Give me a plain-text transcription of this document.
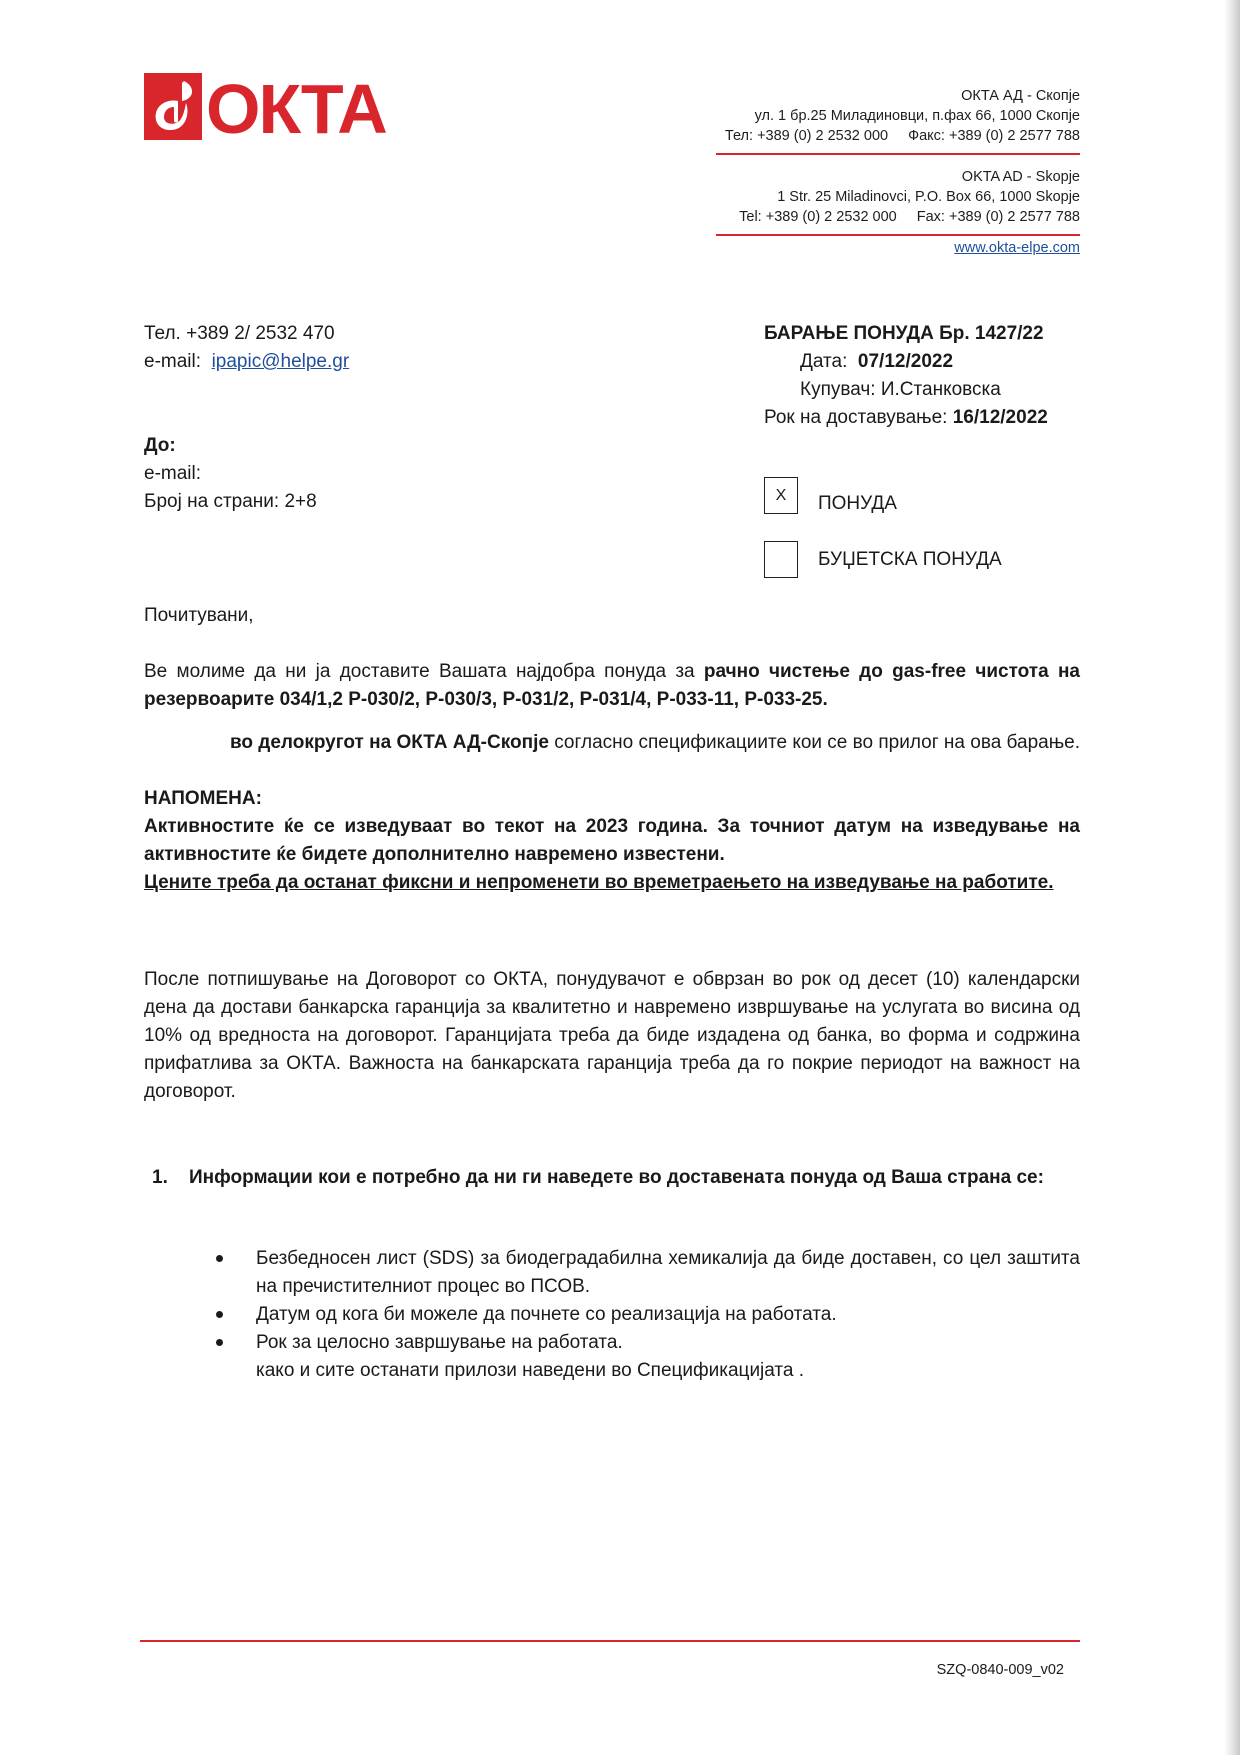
ОКТА	ОКТА АД - Скопје
ул. 1 бр.25 Миладиновци, п.фах 66, 1000 Скопје
Тел: +389 (0) 2 2532 000 Факс: +389 (0) 2 2577 788
OKTA AD - Skopje
1 Str. 25 Miladinovci, P.O. Box 66, 1000 Skopje
Tel: +389 (0) 2 2532 000 Fax: +389 (0) 2 2577 788
www.okta-elpe.com
Тел. +389 2/ 2532 470
e-mail: ipapic@helpe.gr
БАРАЊЕ ПОНУДА Бр. 1427/22
Дата: 07/12/2022
Купувач: И.Станковска
Рок на доставување: 16/12/2022
До:
e-mail:
Број на страни: 2+8	X	ПОНУДА
БУЏЕТСКА ПОНУДА
Почитувани,
Ве молиме да ни ја доставите Вашата најдобра понуда за рачно чистење до gas-free чистота на резервоарите 034/1,2 P-030/2, P-030/3, P-031/2, P-031/4, P-033-11, P-033-25.
во делокругот на ОКТА АД-Скопје согласно спецификациите кои се во прилог на ова барање.
НАПОМЕНА:
Активностите ќе се изведуваат во текот на 2023 година. За точниот датум на изведување на активностите ќе бидете дополнително навремено известени.
Цените треба да останат фиксни и непроменети во времетраењето на изведување на работите.
После потпишување на Договорот со ОКТА, понудувачот е обврзан во рок од десет (10) календарски дена да достави банкарска гаранција за квалитетно и навремено извршување на услугата во висина од 10% од вредноста на договорот. Гаранцијата треба да биде издадена од банка, во форма и содржина прифатлива за ОКТА. Важноста на банкарската гаранција треба да го покрие периодот на важност на договорот.
1. Информации кои е потребно да ни ги наведете во доставената понуда од Ваша страна се:
Безбедносен лист (SDS) за биодеградабилна хемикалија да биде доставен, со цел заштита на пречистителниот процес во ПСОВ.
Датум од кога би можеле да почнете со реализација на работата.
Рок за целосно завршување на работата.
како и сите останати прилози наведени во Спецификацијата .
SZQ-0840-009_v02
